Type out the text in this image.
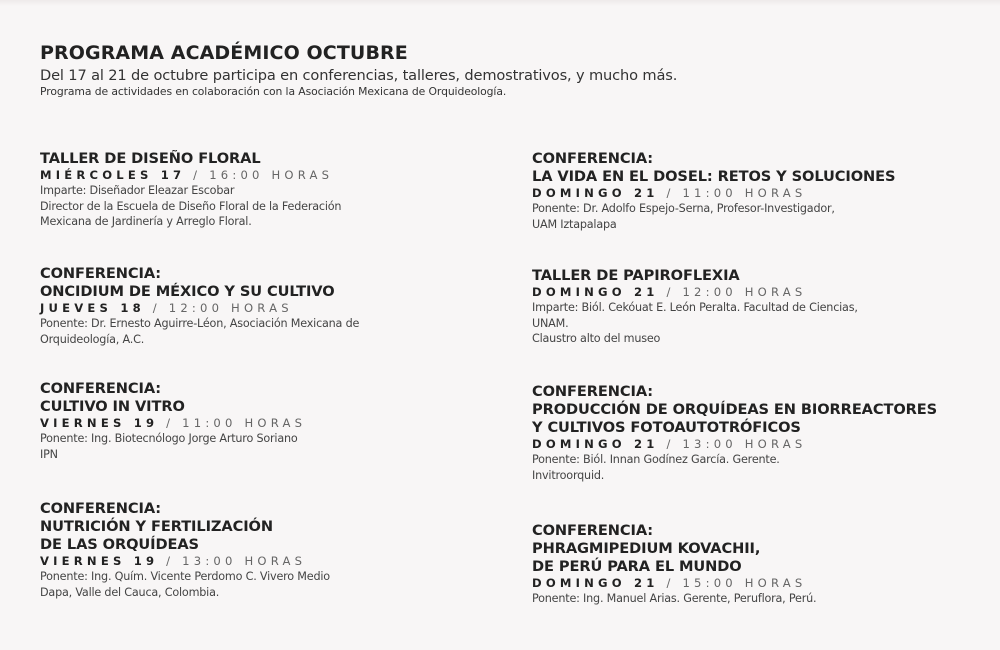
PROGRAMA ACADÉMICO OCTUBRE
Del 17 al 21 de octubre participa en conferencias, talleres, demostrativos, y mucho más.
Programa de actividades en colaboración con la Asociación Mexicana de Orquideología.
TALLER DE DISEÑO FLORAL
MIÉRCOLES 17 / 16:00 HORAS
Imparte: Diseñador Eleazar Escobar
Director de la Escuela de Diseño Floral de la Federación
Mexicana de Jardinería y Arreglo Floral.
CONFERENCIA:
ONCIDIUM DE MÉXICO Y SU CULTIVO
JUEVES 18 / 12:00 HORAS
Ponente: Dr. Ernesto Aguirre-Léon, Asociación Mexicana de
Orquideología, A.C.
CONFERENCIA:
CULTIVO IN VITRO
VIERNES 19 / 11:00 HORAS
Ponente: Ing. Biotecnólogo Jorge Arturo Soriano
IPN
CONFERENCIA:
NUTRICIÓN Y FERTILIZACIÓN
DE LAS ORQUÍDEAS
VIERNES 19 / 13:00 HORAS
Ponente: Ing. Quím. Vicente Perdomo C. Vivero Medio
Dapa, Valle del Cauca, Colombia.
CONFERENCIA:
LA VIDA EN EL DOSEL: RETOS Y SOLUCIONES
DOMINGO 21 / 11:00 HORAS
Ponente: Dr. Adolfo Espejo-Serna, Profesor-Investigador,
UAM Iztapalapa
TALLER DE PAPIROFLEXIA
DOMINGO 21 / 12:00 HORAS
Imparte: Biól. Cekóuat E. León Peralta. Facultad de Ciencias,
UNAM.
Claustro alto del museo
CONFERENCIA:
PRODUCCIÓN DE ORQUÍDEAS EN BIORREACTORES
Y CULTIVOS FOTOAUTOTRÓFICOS
DOMINGO 21 / 13:00 HORAS
Ponente: Biól. Innan Godínez García. Gerente.
Invitroorquid.
CONFERENCIA:
PHRAGMIPEDIUM KOVACHII,
DE PERÚ PARA EL MUNDO
DOMINGO 21 / 15:00 HORAS
Ponente: Ing. Manuel Arias. Gerente, Peruflora, Perú.
